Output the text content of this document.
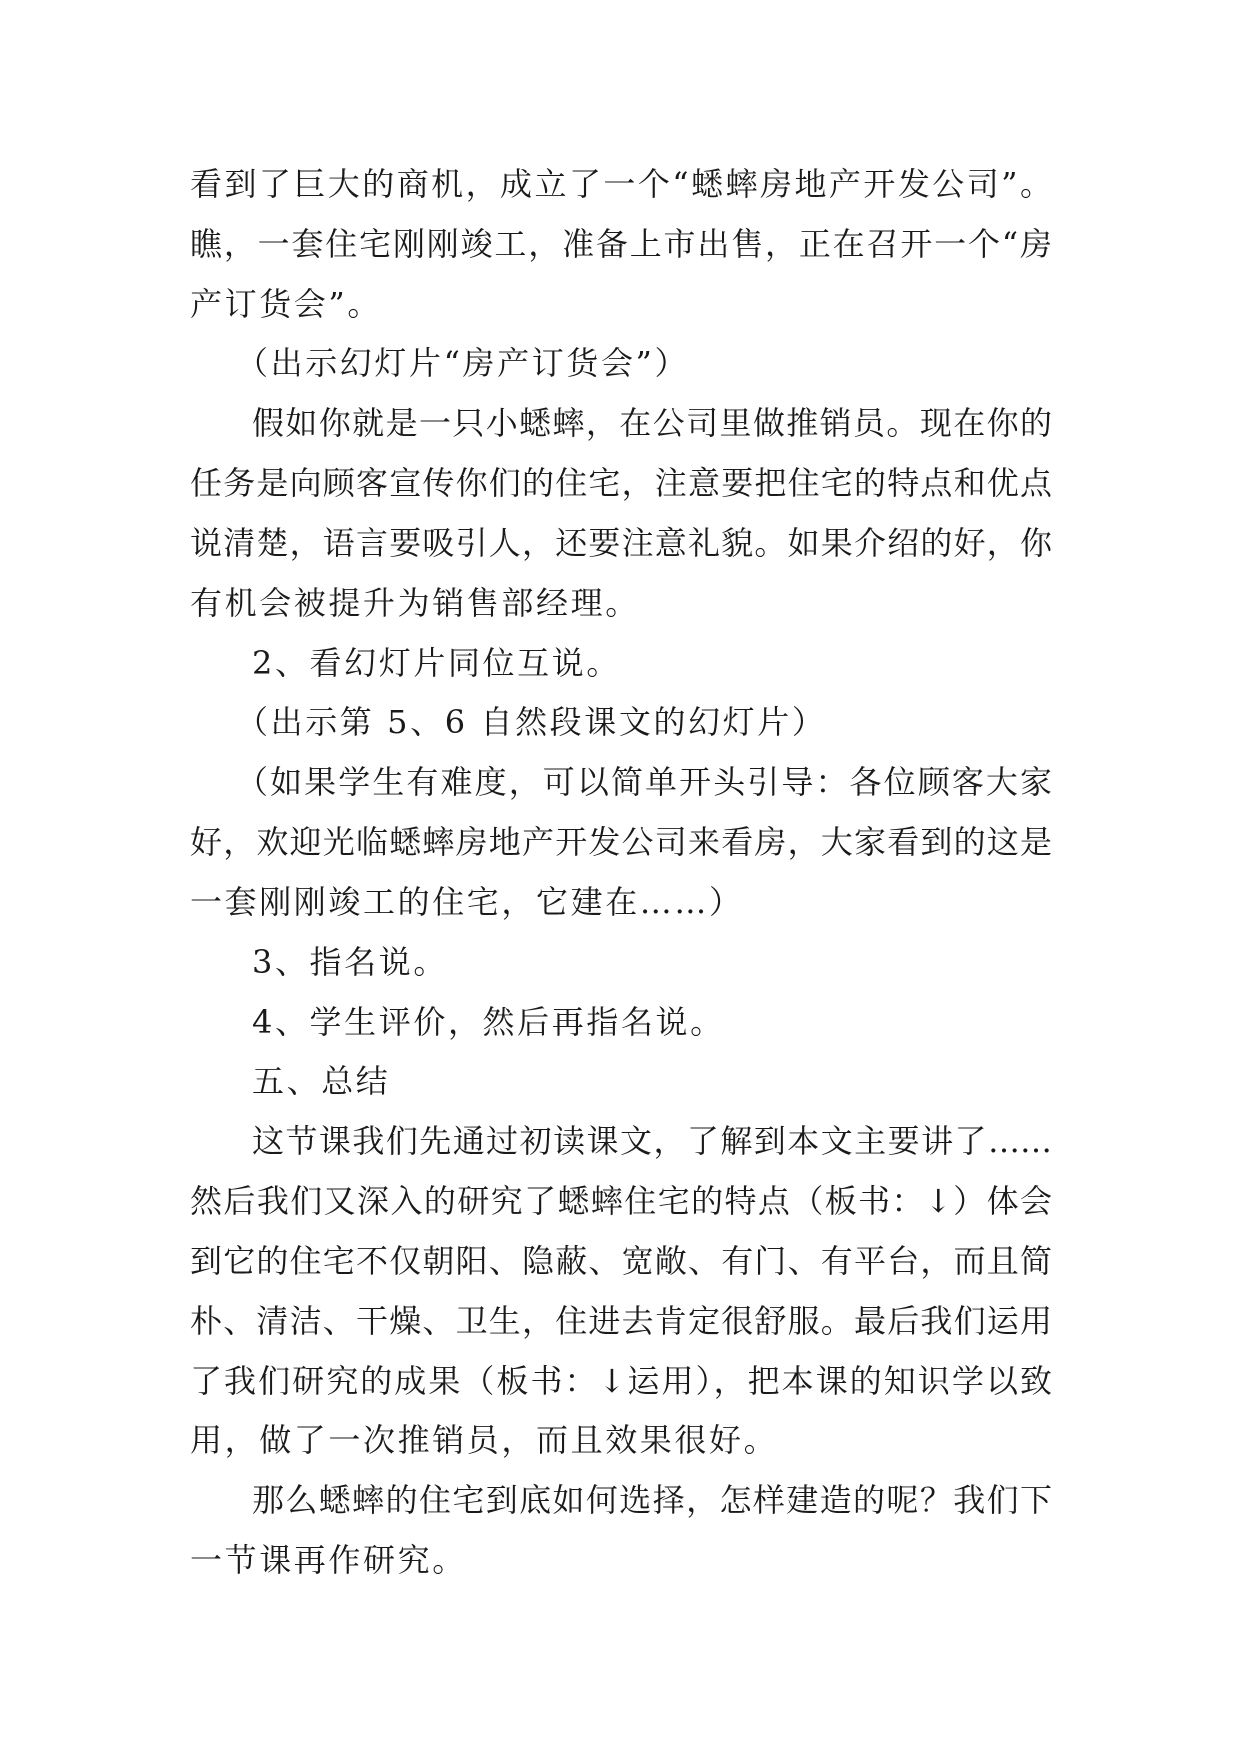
看到了巨大的商机，成立了一个“蟋蟀房地产开发公司”。
瞧，一套住宅刚刚竣工，准备上市出售，正在召开一个“房
产订货会”。
（出示幻灯片“房产订货会”）
假如你就是一只小蟋蟀，在公司里做推销员。现在你的
任务是向顾客宣传你们的住宅，注意要把住宅的特点和优点
说清楚，语言要吸引人，还要注意礼貌。如果介绍的好，你
有机会被提升为销售部经理。
2、看幻灯片同位互说。
（出示第 5、6 自然段课文的幻灯片）
（如果学生有难度，可以简单开头引导：各位顾客大家
好，欢迎光临蟋蟀房地产开发公司来看房，大家看到的这是
一套刚刚竣工的住宅，它建在……）
3、指名说。
4、学生评价，然后再指名说。
五、总结
这节课我们先通过初读课文，了解到本文主要讲了……
然后我们又深入的研究了蟋蟀住宅的特点（板书：↓）体会
到它的住宅不仅朝阳、隐蔽、宽敞、有门、有平台，而且简
朴、清洁、干燥、卫生，住进去肯定很舒服。最后我们运用
了我们研究的成果（板书：↓运用），把本课的知识学以致
用，做了一次推销员，而且效果很好。
那么蟋蟀的住宅到底如何选择，怎样建造的呢？我们下
一节课再作研究。
